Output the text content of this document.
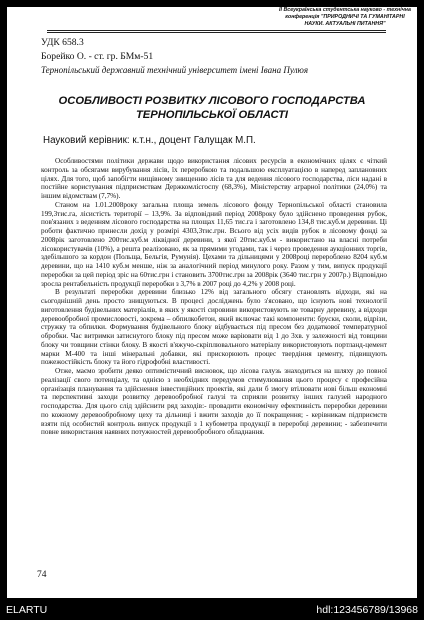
II Всеукраїнська студентська науково - технічна конференція "ПРИРОДНИЧІ ТА ГУМАНІТАРНІ НАУКИ. АКТУАЛЬНІ ПИТАННЯ"
УДК 658.3
Борейко О. - ст. гр. БМм-51
Тернопільський державний технічний університет імені Івана Пулюя
ОСОБЛИВОСТІ РОЗВИТКУ ЛІСОВОГО ГОСПОДАРСТВА ТЕРНОПІЛЬСЬКОЇ ОБЛАСТІ
Науковий керівник: к.т.н., доцент Галущак М.П.

Особливостями політики держави щодо використання лісових ресурсів в економічних цілях є чіткий контроль за обсягами вирубування лісів, їх переробкою та подальшою експлуатацією в наперед заплановних цілях. Для того, щоб запобігти нищівному знищенню лісів та для ведення лісового господарства, ліси надані в постійне користування підприємствам Держкомлісгоспу (68,3%), Міністерству аграрної політики (24,0%) та іншим відомствам (7,7%).

Станом на 1.01.2008року загальна площа земель лісового фонду Тернопільської області становила 199,3тис.га, лісистість території – 13,9%. За відповідний період 2008року було здійснено проведення рубок, пов'язаних з веденням лісового господарства на площах 11,65 тис.га і заготовлено 134,8 тис.куб.м деревини. Ці роботи фактично принесли дохід у розмірі 4303,3тис.грн. Всього від усіх видів рубок в лісовому фонді за 2008рік заготовлено 200тис.куб.м ліквідної деревини, з якої 20тис.куб.м - використано на власні потреби лісокористувачів (10%), а решта реалізовано, як за прямими угодами, так і через проведення аукціонних торгів, здебільшого за кордон (Польща, Бельгія, Румунія). Цехами та дільницями у 2008році перероблено 8204 куб.м деревини, що на 1410 куб.м менше, ніж за аналогічний період минулого року. Разом у тим, випуск продукції переробки за цей період зріс на 60тис.грн і становить 3700тис.грн за 2008рік (3640 тис.грн у 2007р.) Відповідно зросла рентабельність продукції переробки з 3,7% в 2007 році до 4,2% у 2008 році.

В результаті переробки деревини близько 12% від загального обсягу становлять відходи, які на сьогоднішній день просто знищуються. В процесі досліджень було з'ясовано, що існують нові технології виготовлення будівельних матеріалів, в яких у якості сировини використовують не товарну деревину, а відходи деревообробної промисловості, зокрема – обпилкобетон, який включає такі компоненти: бруски, сколи, відрізи, стружку та обпилки. Формування будівельного блоку відбувається під пресом без додаткової температурної обробки. Час витримки затиснутого блоку під пресом може варіювати від 1 до 3хв. у залежності від товщини блоку чи товщини стінки блоку. В якості в'яжучо-скріплювального матеріалу використовують портланд-цемент марки М-400 та інші мінеральні добавки, які прискорюють процес твердіння цементу, підвищують пожежостійкість блоку та його гідрофобні властивості.

Отже, маємо зробити деяко оптимістичний висновок, що лісова галузь знаходиться на шляху до повної реалізації свого потенціалу, та однією з необхідних передумов стимулювання цього процесу є професійна організація планування та здійснення інвестиційних проектів, які дали б змогу втілювати нові більш економні та перспективні заходи розвитку деревообробної галузі та сприяли розвитку інших галузей народного господарства. Для цього слід здійснити ряд заходів:- провадити економічну ефективність переробки деревини по кожному деревообробному цеху та дільниці і вжити заходів до її покращення; - керівникам підприємств взяти під особистий контроль випуск продукції з 1 кубометра продукції в переробці деревини; - забезпечити повне використання наявних потужностей деревообробного обладнання.

74
ELARTU	hdl:123456789/13968
